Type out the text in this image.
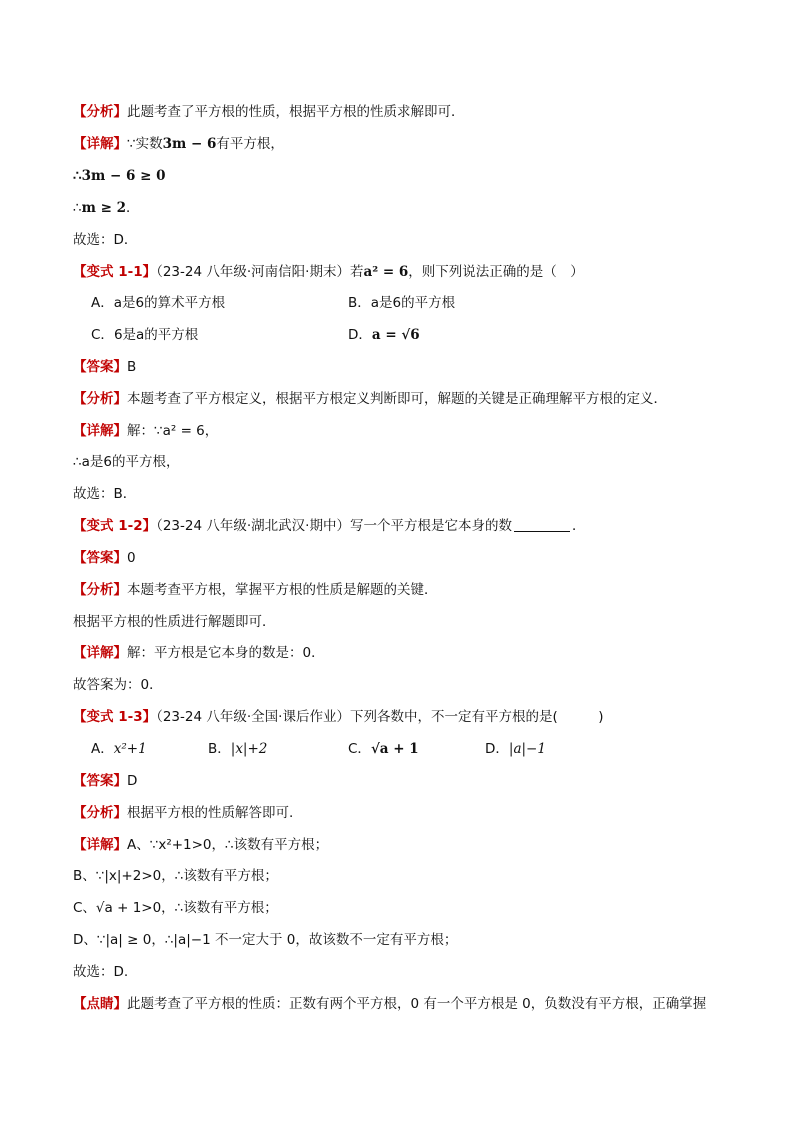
【分析】此题考查了平方根的性质，根据平方根的性质求解即可．
【详解】∵实数3m − 6有平方根，
∴3m − 6 ≥ 0
∴m ≥ 2．
故选：D．
【变式 1-1】（23-24 八年级·河南信阳·期末）若a² = 6，则下列说法正确的是（　）
A．a是6的算术平方根	B．a是6的平方根
C．6是a的平方根	D．a = √6
【答案】B
【分析】本题考查了平方根定义，根据平方根定义判断即可，解题的关键是正确理解平方根的定义．
【详解】解：∵a² = 6，
∴a是6的平方根，
故选：B．
【变式 1-2】（23-24 八年级·湖北武汉·期中）写一个平方根是它本身的数	．
【答案】0
【分析】本题考查平方根，掌握平方根的性质是解题的关键．
根据平方根的性质进行解题即可．
【详解】解：平方根是它本身的数是：0．
故答案为：0．
【变式 1-3】（23-24 八年级·全国·课后作业）下列各数中，不一定有平方根的是(　　　)
A．x²+1	B．|x|+2	C．√a + 1	D．|a|−1
【答案】D
【分析】根据平方根的性质解答即可.
【详解】A、∵x²+1>0，∴该数有平方根；
B、∵|x|+2>0，∴该数有平方根；
C、√a + 1>0，∴该数有平方根；
D、∵|a| ≥ 0，∴|a|−1 不一定大于 0，故该数不一定有平方根；
故选：D.
【点睛】此题考查了平方根的性质：正数有两个平方根，0 有一个平方根是 0，负数没有平方根，正确掌握
